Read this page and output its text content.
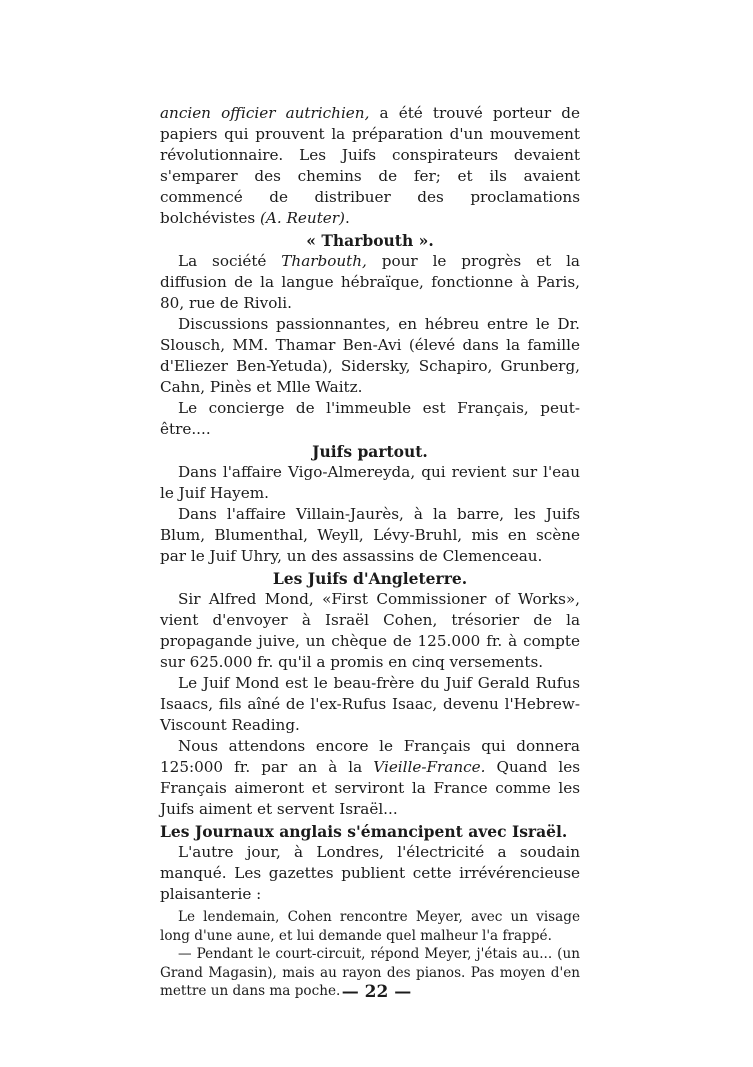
ancien officier autrichien, a été trouvé porteur de papiers qui prouvent la préparation d'un mouvement révolutionnaire. Les Juifs conspirateurs devaient s'emparer des chemins de fer; et ils avaient commencé de distribuer des proclamations bolchévistes (A. Reuter).

« Tharbouth ».

La société Tharbouth, pour le progrès et la diffusion de la langue hébraïque, fonctionne à Paris, 80, rue de Rivoli.

Discussions passionnantes, en hébreu entre le Dr. Slousch, MM. Thamar Ben-Avi (élevé dans la famille d'Eliezer Ben-Yetuda), Sidersky, Schapiro, Grunberg, Cahn, Pinès et Mlle Waitz.

Le concierge de l'immeuble est Français, peut-être....

Juifs partout.

Dans l'affaire Vigo-Almereyda, qui revient sur l'eau le Juif Hayem.

Dans l'affaire Villain-Jaurès, à la barre, les Juifs Blum, Blumenthal, Weyll, Lévy-Bruhl, mis en scène par le Juif Uhry, un des assassins de Clemenceau.

Les Juifs d'Angleterre.

Sir Alfred Mond, «First Commissioner of Works», vient d'envoyer à Israël Cohen, trésorier de la propagande juive, un chèque de 125.000 fr. à compte sur 625.000 fr. qu'il a promis en cinq versements.

Le Juif Mond est le beau-frère du Juif Gerald Rufus Isaacs, fils aîné de l'ex-Rufus Isaac, devenu l'Hebrew-Viscount Reading.

Nous attendons encore le Français qui donnera 125:000 fr. par an à la Vieille-France. Quand les Français aimeront et serviront la France comme les Juifs aiment et servent Israël...

Les Journaux anglais s'émancipent avec Israël.

L'autre jour, à Londres, l'électricité a soudain manqué. Les gazettes publient cette irrévérencieuse plaisanterie :

Le lendemain, Cohen rencontre Meyer, avec un visage long d'une aune, et lui demande quel malheur l'a frappé.

— Pendant le court-circuit, répond Meyer, j'étais au... (un Grand Magasin), mais au rayon des pianos. Pas moyen d'en mettre un dans ma poche. — 22 —
